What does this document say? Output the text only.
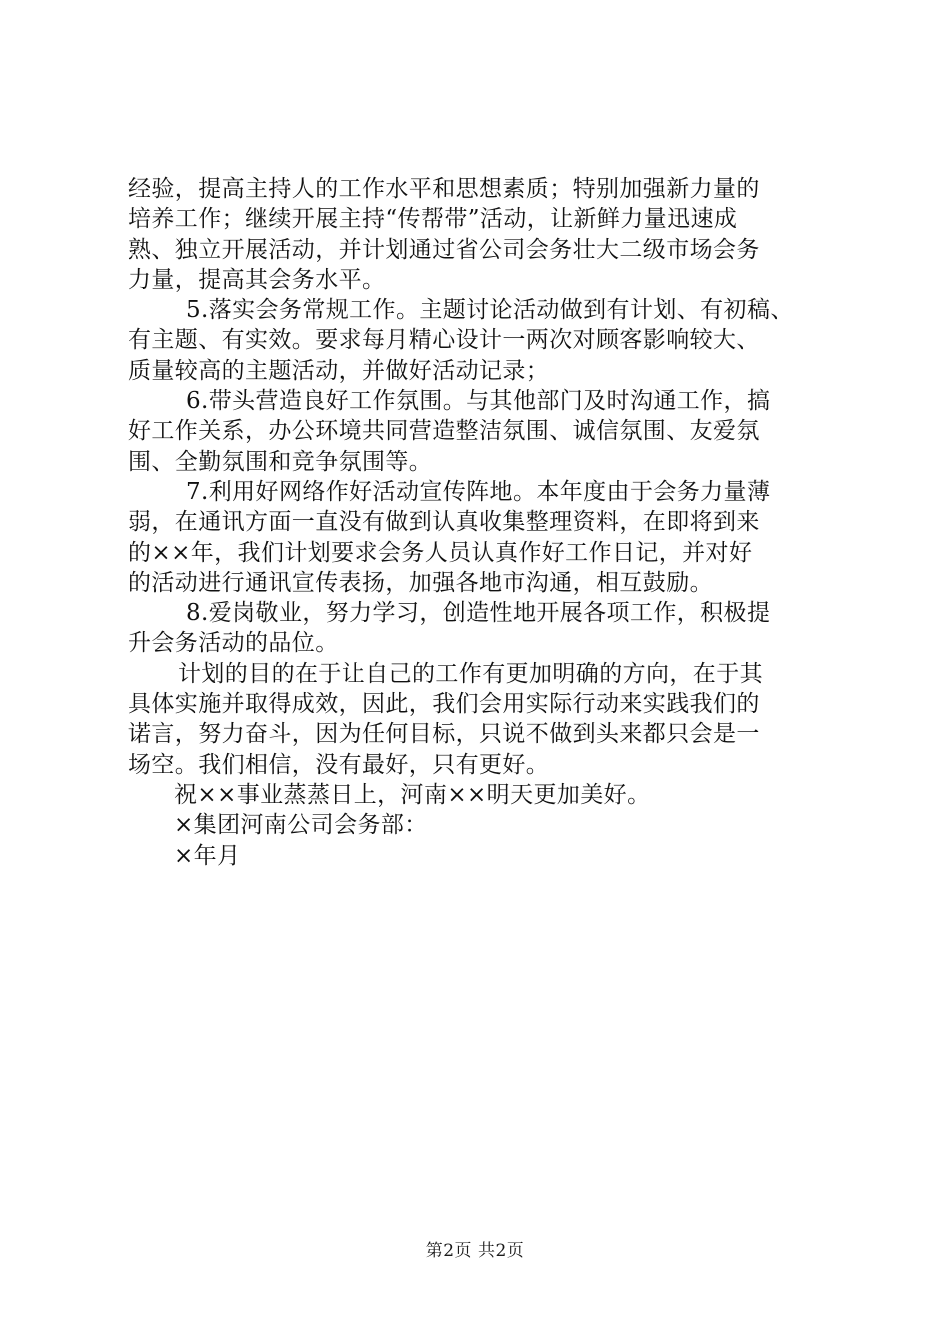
经验，提高主持人的工作水平和思想素质；特别加强新力量的
培养工作；继续开展主持“传帮带”活动，让新鲜力量迅速成
熟、独立开展活动，并计划通过省公司会务壮大二级市场会务
力量，提高其会务水平。
5.落实会务常规工作。主题讨论活动做到有计划、有初稿、
有主题、有实效。要求每月精心设计一两次对顾客影响较大、
质量较高的主题活动，并做好活动记录；
6.带头营造良好工作氛围。与其他部门及时沟通工作，搞
好工作关系，办公环境共同营造整洁氛围、诚信氛围、友爱氛
围、全勤氛围和竞争氛围等。
7.利用好网络作好活动宣传阵地。本年度由于会务力量薄
弱，在通讯方面一直没有做到认真收集整理资料，在即将到来
的××年，我们计划要求会务人员认真作好工作日记，并对好
的活动进行通讯宣传表扬，加强各地市沟通，相互鼓励。
8.爱岗敬业，努力学习，创造性地开展各项工作，积极提
升会务活动的品位。
计划的目的在于让自己的工作有更加明确的方向，在于其
具体实施并取得成效，因此，我们会用实际行动来实践我们的
诺言，努力奋斗，因为任何目标，只说不做到头来都只会是一
场空。我们相信，没有最好，只有更好。
祝××事业蒸蒸日上，河南××明天更加美好。
×集团河南公司会务部：
×年月
第2页 共2页
